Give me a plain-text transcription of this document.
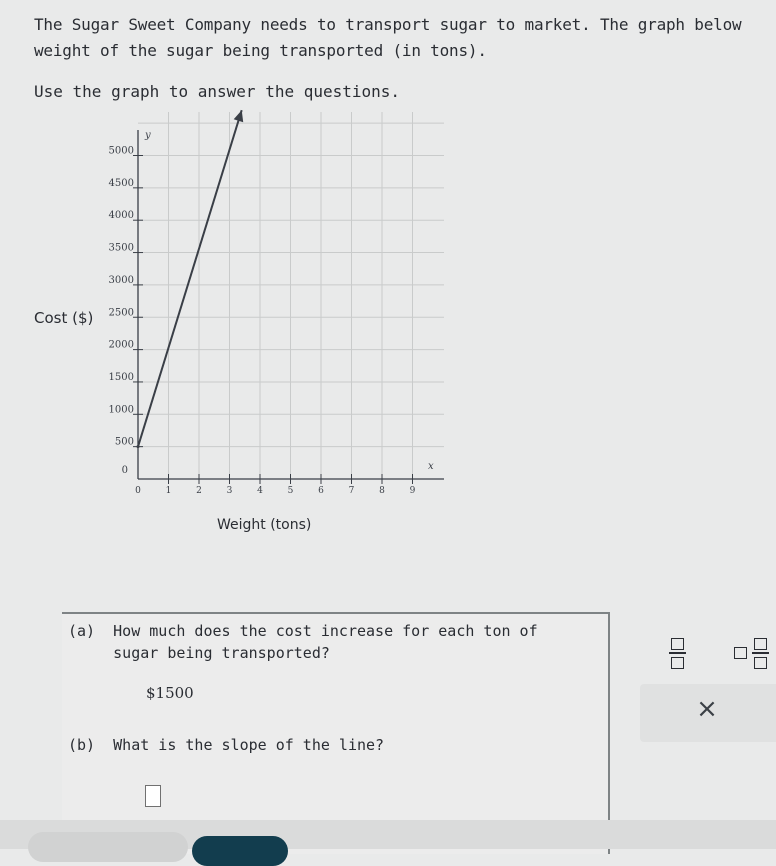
The Sugar Sweet Company needs to transport sugar to market. The graph below
weight of the sugar being transported (in tons).
Use the graph to answer the questions.
y
x
0
500
1000
1500
2000
2500
3000
3500
4000
4500
5000
0	1	2	3	4	5	6	7	8	9
Cost ($)
Weight (tons)
(a)  How much does the cost increase for each ton of
sugar being transported?
$1500
(b)  What is the slope of the line?
×
